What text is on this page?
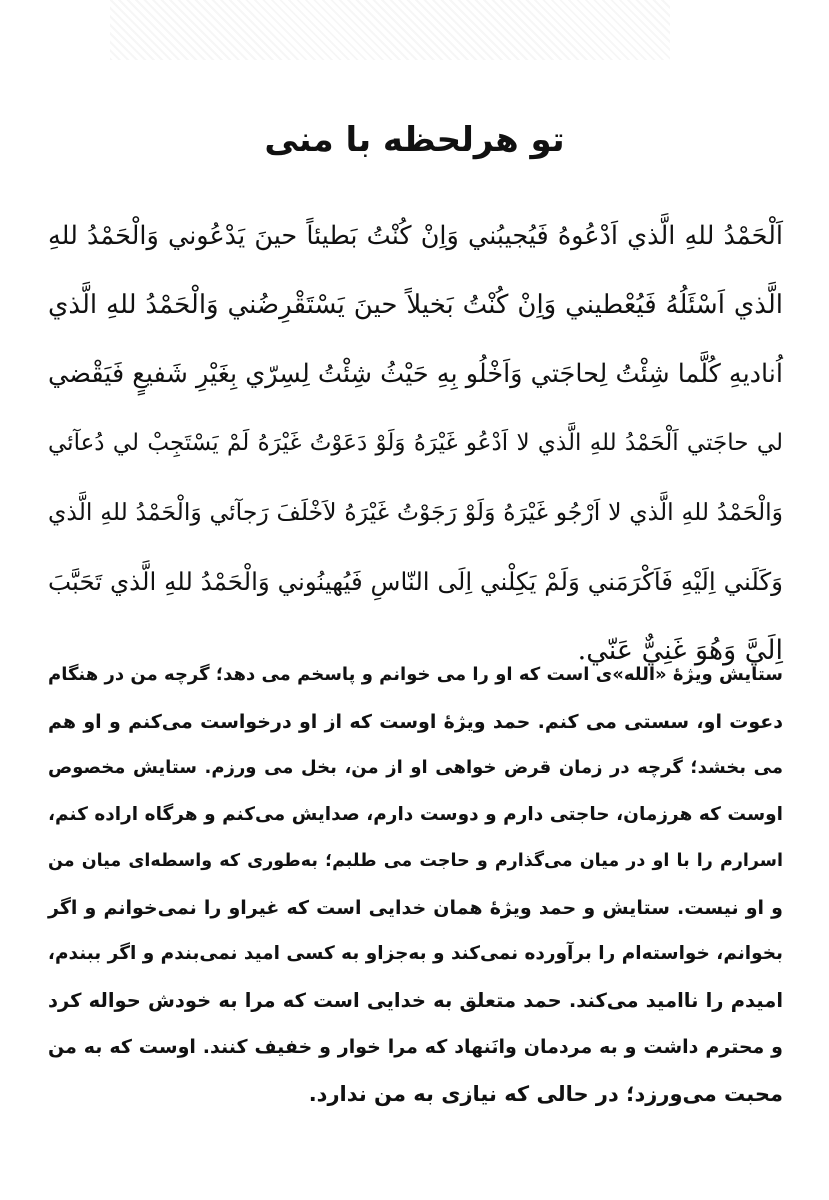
تو هرلحظه با منی
اَلْحَمْدُ للهِ الَّذي اَدْعُوهُ فَيُجيبُني وَاِنْ كُنْتُ بَطيئاً حينَ يَدْعُوني وَالْحَمْدُ للهِ
الَّذي اَسْئَلُهُ فَيُعْطيني وَاِنْ كُنْتُ بَخيلاً حينَ يَسْتَقْرِضُني وَالْحَمْدُ للهِ الَّذي
اُناديهِ كُلَّما شِئْتُ لِحاجَتي وَاَخْلُو بِهِ حَيْثُ شِئْتُ لِسِرّي بِغَيْرِ شَفيعٍ فَيَقْضي
لي حاجَتي اَلْحَمْدُ للهِ الَّذي لا اَدْعُو غَيْرَهُ وَلَوْ دَعَوْتُ غَيْرَهُ لَمْ يَسْتَجِبْ لي دُعآئي
وَالْحَمْدُ للهِ الَّذي لا اَرْجُو غَيْرَهُ وَلَوْ رَجَوْتُ غَيْرَهُ لاَخْلَفَ رَجآئي وَالْحَمْدُ للهِ الَّذي
وَكَلَني اِلَيْهِ فَاَكْرَمَني وَلَمْ يَكِلْني اِلَى النّاسِ فَيُهينُوني وَالْحَمْدُ للهِ الَّذي تَحَبَّبَ
اِلَيَّ وَهُوَ غَنِيٌّ عَنّي.
ستایش ویژۀ «الله»ی است که او را می خوانم و پاسخم می دهد؛ گرچه من در هنگام
دعوت او، سستی می کنم. حمد ویژۀ اوست که از او درخواست می‌کنم و او هم
می بخشد؛ گرچه در زمان قرض خواهی او از من، بخل می ورزم. ستایش مخصوص
اوست که هرزمان، حاجتی دارم و دوست دارم، صدایش می‌کنم و هرگاه اراده کنم،
اسرارم را با او در میان می‌گذارم و حاجت می طلبم؛ به‌طوری که واسطه‌ای میان من
و او نیست. ستایش و حمد ویژۀ همان خدایی است که غیراو را نمی‌خوانم و اگر
بخوانم، خواسته‌ام را برآورده نمی‌کند و به‌جزاو به کسی امید نمی‌بندم و اگر ببندم،
امیدم را ناامید می‌کند. حمد متعلق به خدایی است که مرا به خودش حواله کرد
و محترم داشت و به مردمان وانَنهاد که مرا خوار و خفیف کنند. اوست که به من
محبت می‌ورزد؛ در حالی که نیازی به من ندارد.
